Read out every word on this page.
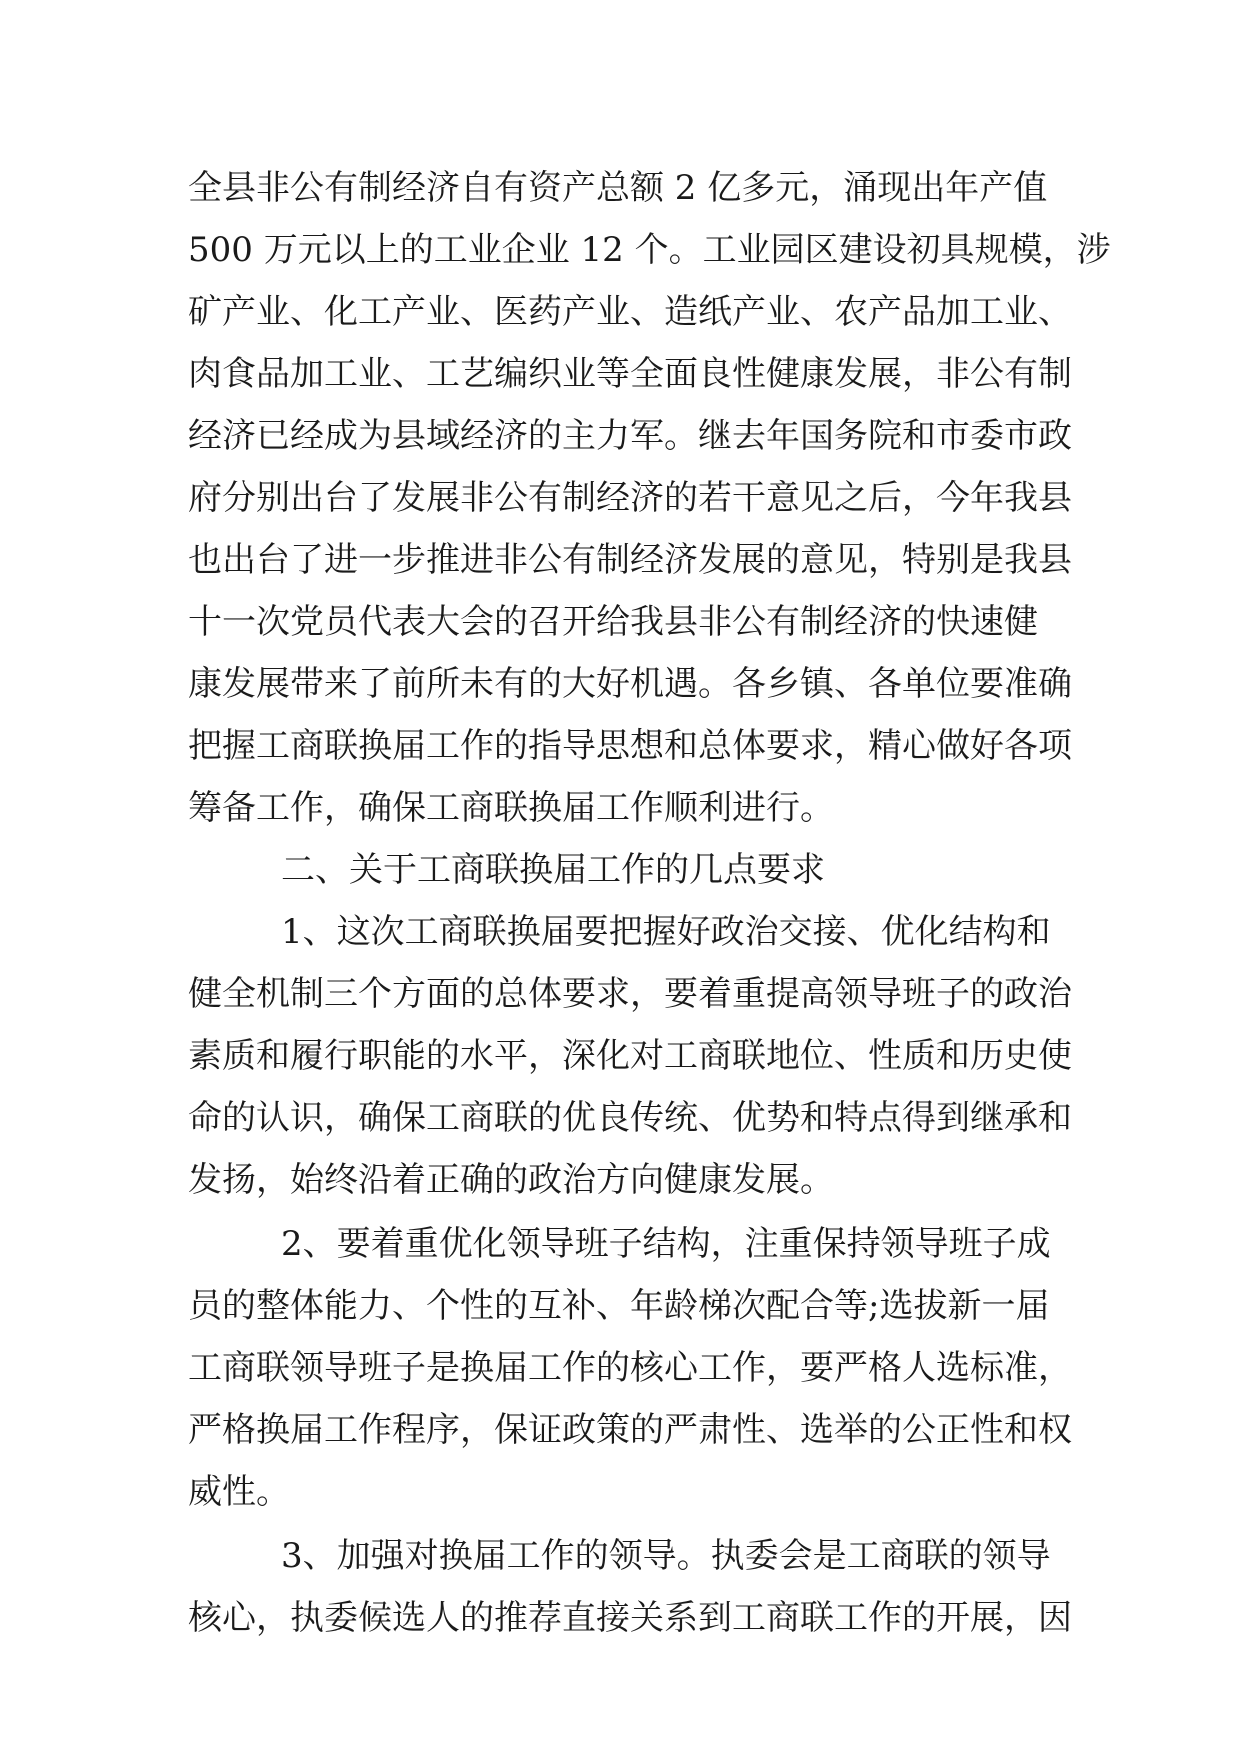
全县非公有制经济自有资产总额 2 亿多元，涌现出年产值
500 万元以上的工业企业 12 个。工业园区建设初具规模，涉
矿产业、化工产业、医药产业、造纸产业、农产品加工业、
肉食品加工业、工艺编织业等全面良性健康发展，非公有制
经济已经成为县域经济的主力军。继去年国务院和市委市政
府分别出台了发展非公有制经济的若干意见之后，今年我县
也出台了进一步推进非公有制经济发展的意见，特别是我县
十一次党员代表大会的召开给我县非公有制经济的快速健
康发展带来了前所未有的大好机遇。各乡镇、各单位要准确
把握工商联换届工作的指导思想和总体要求，精心做好各项
筹备工作，确保工商联换届工作顺利进行。
二、关于工商联换届工作的几点要求
1、这次工商联换届要把握好政治交接、优化结构和
健全机制三个方面的总体要求，要着重提高领导班子的政治
素质和履行职能的水平，深化对工商联地位、性质和历史使
命的认识，确保工商联的优良传统、优势和特点得到继承和
发扬，始终沿着正确的政治方向健康发展。
2、要着重优化领导班子结构，注重保持领导班子成
员的整体能力、个性的互补、年龄梯次配合等;选拔新一届
工商联领导班子是换届工作的核心工作，要严格人选标准，
严格换届工作程序，保证政策的严肃性、选举的公正性和权
威性。
3、加强对换届工作的领导。执委会是工商联的领导
核心，执委候选人的推荐直接关系到工商联工作的开展，因
